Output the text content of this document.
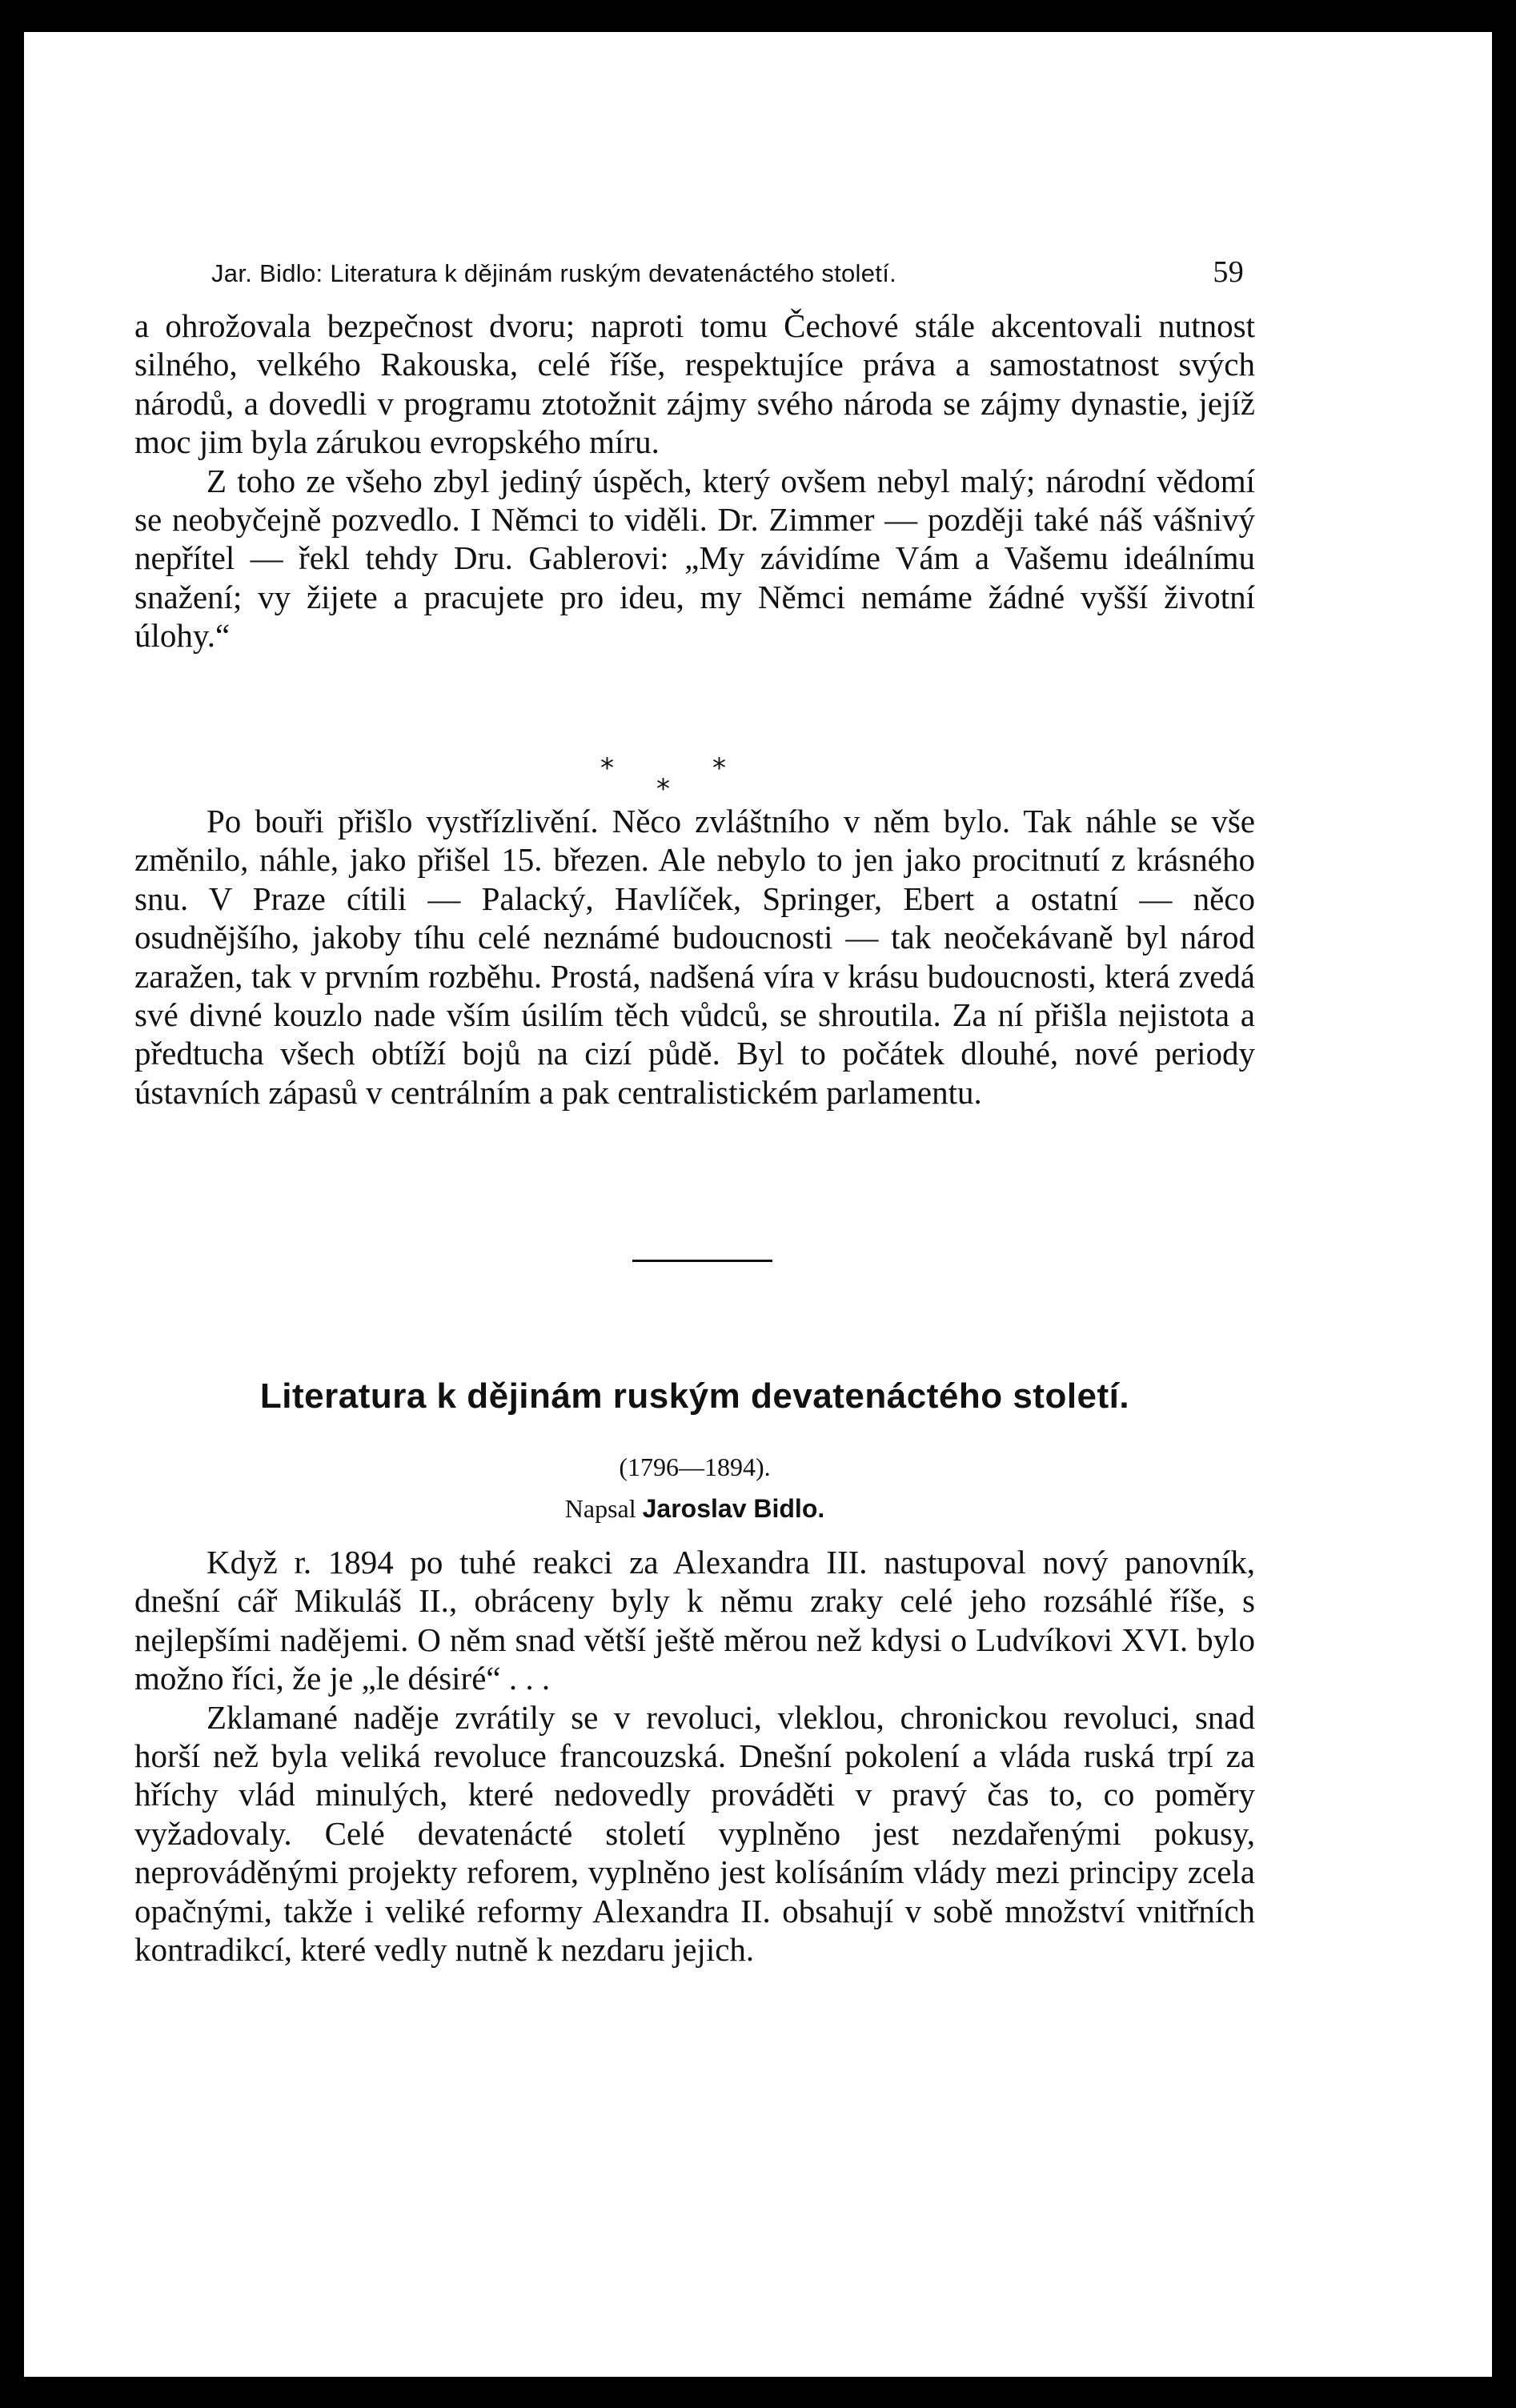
Jar. Bidlo: Literatura k dějinám ruským devatenáctého století.	59

a ohrožovala bezpečnost dvoru; naproti tomu Čechové stále akcentovali nutnost silného, velkého Rakouska, celé říše, respektujíce práva a samostatnost svých národů, a dovedli v programu ztotožnit zájmy svého národa se zájmy dynastie, jejíž moc jim byla zárukou evropského míru.

Z toho ze všeho zbyl jediný úspěch, který ovšem nebyl malý; národní vědomí se neobyčejně pozvedlo. I Němci to viděli. Dr. Zimmer — později také náš vášnivý nepřítel — řekl tehdy Dru. Gablerovi: „My závidíme Vám a Vašemu ideálnímu snažení; vy žijete a pracujete pro ideu, my Němci nemáme žádné vyšší životní úlohy.“

*
*
*

Po bouři přišlo vystřízlivění. Něco zvláštního v něm bylo. Tak náhle se vše změnilo, náhle, jako přišel 15. březen. Ale nebylo to jen jako procitnutí z krásného snu. V Praze cítili — Palacký, Havlíček, Springer, Ebert a ostatní — něco osudnějšího, jakoby tíhu celé neznámé budoucnosti — tak neočekávaně byl národ zaražen, tak v prvním rozběhu. Prostá, nadšená víra v krásu budoucnosti, která zvedá své divné kouzlo nade vším úsilím těch vůdců, se shroutila. Za ní přišla nejistota a předtucha všech obtíží bojů na cizí půdě. Byl to počátek dlouhé, nové periody ústavních zápasů v centrálním a pak centralistickém parlamentu.

Literatura k dějinám ruským devatenáctého století.
(1796—1894).
Napsal Jaroslav Bidlo.

Když r. 1894 po tuhé reakci za Alexandra III. nastupoval nový panovník, dnešní cář Mikuláš II., obráceny byly k němu zraky celé jeho rozsáhlé říše, s nejlepšími nadějemi. O něm snad větší ještě měrou než kdysi o Ludvíkovi XVI. bylo možno říci, že je „le désiré“ . . .

Zklamané naděje zvrátily se v revoluci, vleklou, chronickou revoluci, snad horší než byla veliká revoluce francouzská. Dnešní pokolení a vláda ruská trpí za hříchy vlád minulých, které nedovedly prováděti v pravý čas to, co poměry vyžadovaly. Celé devatenácté století vyplněno jest nezdařenými pokusy, neprováděnými projekty reforem, vyplněno jest kolísáním vlády mezi principy zcela opačnými, takže i veliké reformy Alexandra II. obsahují v sobě množství vnitřních kontradikcí, které vedly nutně k nezdaru jejich.
